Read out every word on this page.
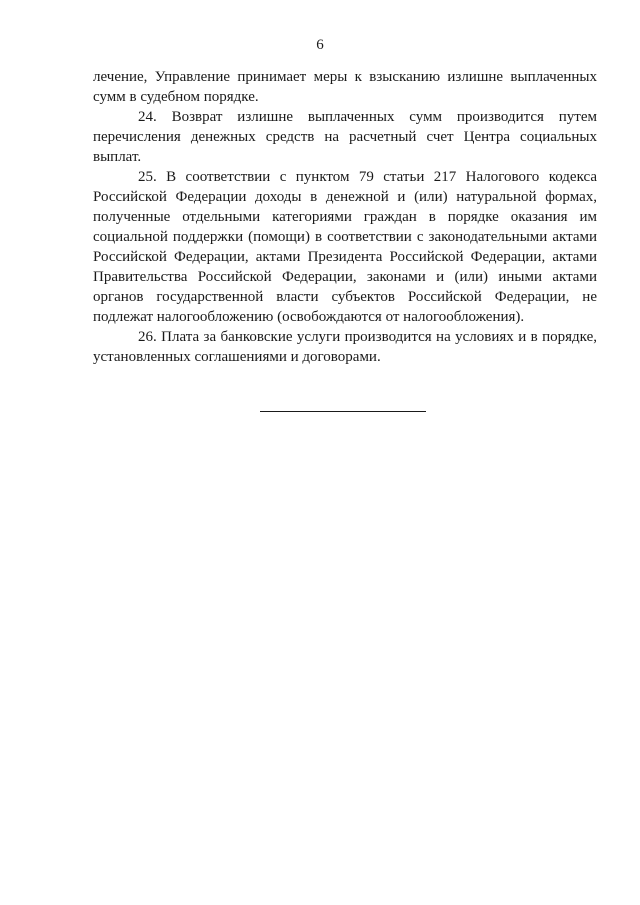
6

лечение, Управление принимает меры к взысканию излишне выплаченных сумм в судебном порядке.

24. Возврат излишне выплаченных сумм производится путем перечисления денежных средств на расчетный счет Центра социальных выплат.

25. В соответствии с пунктом 79 статьи 217 Налогового кодекса Российской Федерации доходы в денежной и (или) натуральной формах, полученные отдельными категориями граждан в порядке оказания им социальной поддержки (помощи) в соответствии с законодательными актами Российской Федерации, актами Президента Российской Федерации, актами Правительства Российской Федерации, законами и (или) иными актами органов государственной власти субъектов Российской Федерации, не подлежат налогообложению (освобождаются от налогообложения).

26. Плата за банковские услуги производится на условиях и в порядке, установленных соглашениями и договорами.
